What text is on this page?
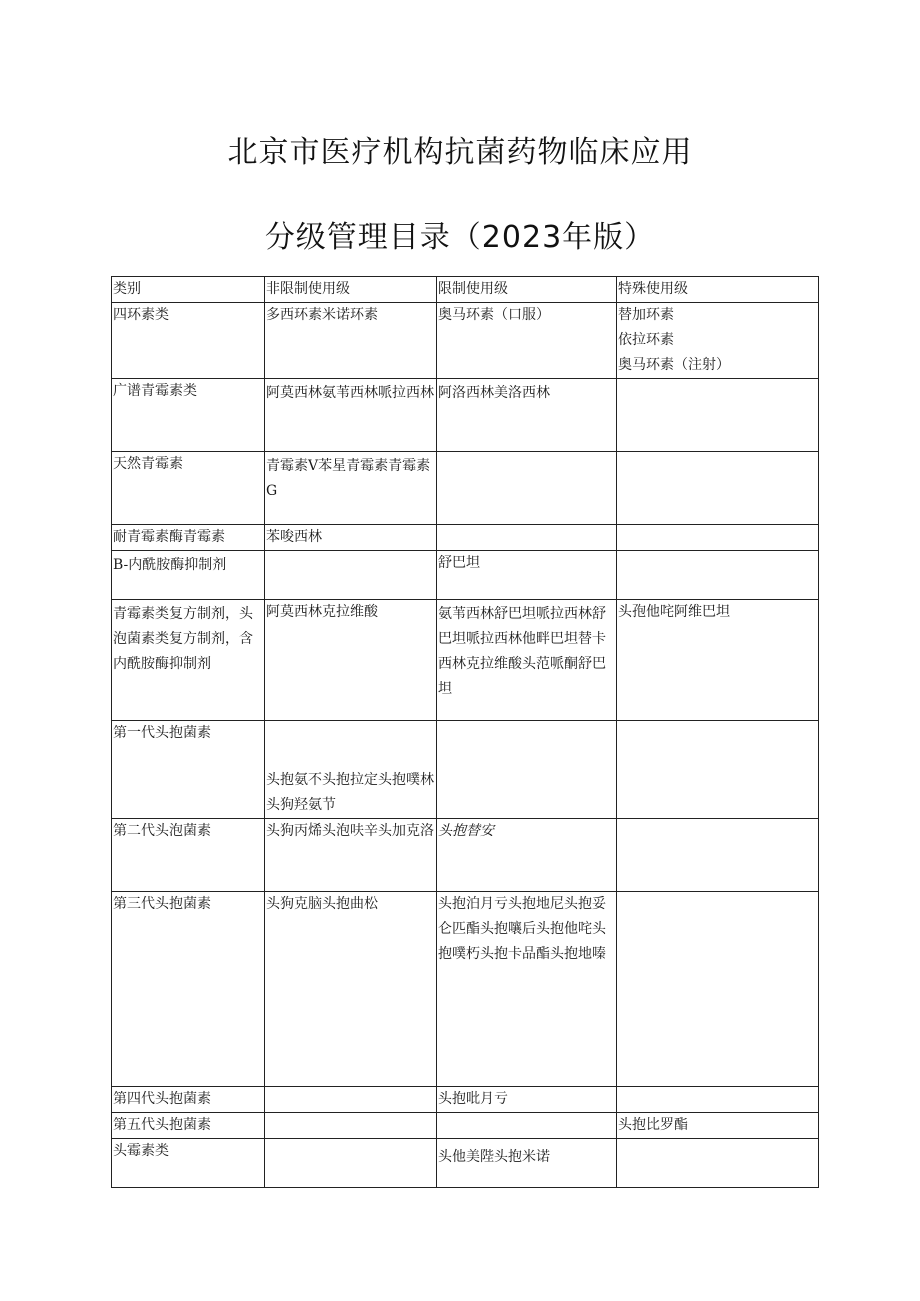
北京市医疗机构抗菌药物临床应用
分级管理目录（2023年版）
类别	非限制使用级	限制使用级	特殊使用级
四环素类	多西环素米诺环素	奥马环素（口服）	替加环素
依拉环素
奥马环素（注射）

广谱青霉素类	阿莫西林氨苇西林哌拉西林	阿洛西林美洛西林	
天然青霉素	青霉素V苯星青霉素青霉素G		
耐青霉素酶青霉素	苯唆西林		
B-内酰胺酶抑制剂		舒巴坦	
青霉素类复方制剂，头泡菌素类复方制剂，含内酰胺酶抑制剂	阿莫西林克拉维酸	氨苇西林舒巴坦哌拉西林舒巴坦哌拉西林他畔巴坦替卡西林克拉维酸头范哌酮舒巴坦	头孢他咤阿维巴坦

第一代头抱菌素	头抱氨不头抱拉定头抱噗林头狗羟氨节		
第二代头泡菌素	头狗丙烯头泡呋辛头加克洛	头抱替安	
第三代头抱菌素	头狗克脑头抱曲松	头抱泊月亏头抱地尼头抱妥仑匹酯头抱嚷后头抱他咤头抱噗朽头抱卡品酯头抱地嗪	
第四代头抱菌素		头抱吡月亏	
第五代头抱菌素			头抱比罗酯

头霉素类		头他美陛头抱米诺	
